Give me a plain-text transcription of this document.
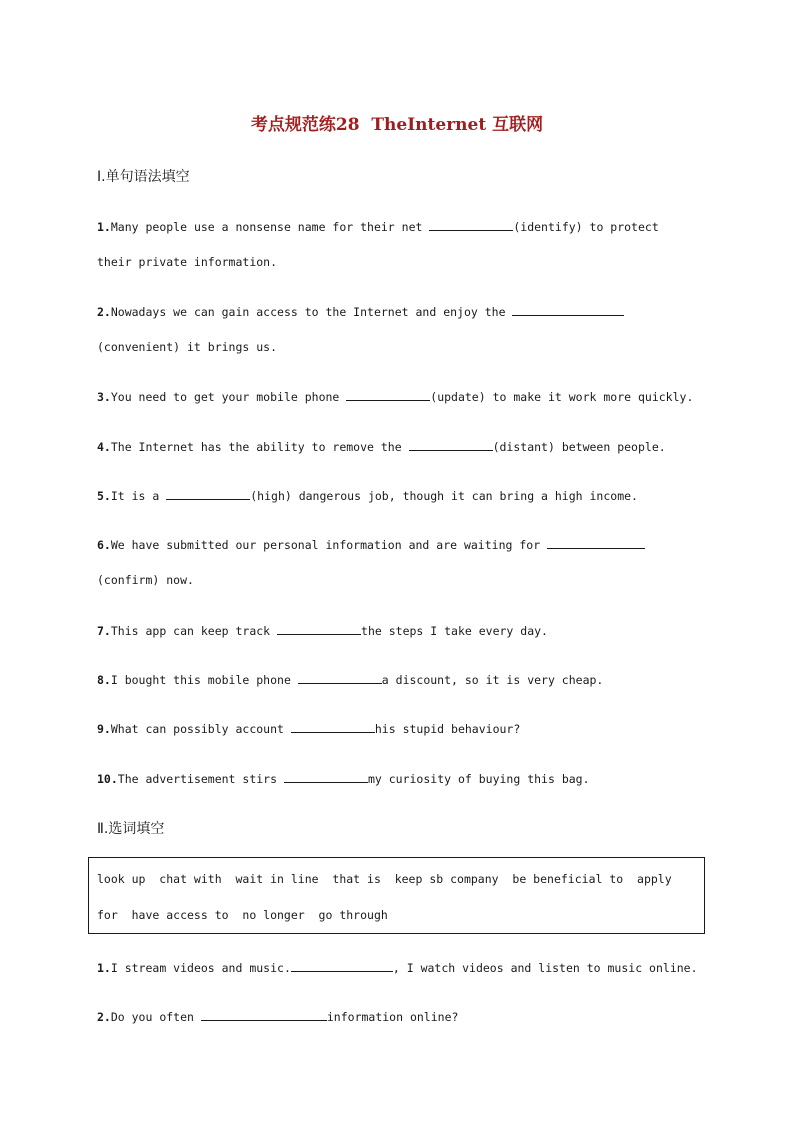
考点规范练28  TheInternet 互联网
Ⅰ.单句语法填空
1.Many people use a nonsense name for their net	(identify) to protect
their private information.
2.Nowadays we can gain access to the Internet and enjoy the
(convenient) it brings us.
3.You need to get your mobile phone	(update) to make it work more quickly.
4.The Internet has the ability to remove the	(distant) between people.
5.It is a	(high) dangerous job, though it can bring a high income.
6.We have submitted our personal information and are waiting for
(confirm) now.
7.This app can keep track	the steps I take every day.
8.I bought this mobile phone	a discount, so it is very cheap.
9.What can possibly account	his stupid behaviour?
10.The advertisement stirs	my curiosity of buying this bag.
Ⅱ.选词填空
look up  chat with  wait in line  that is  keep sb company  be beneficial to  apply
for  have access to  no longer  go through
1.I stream videos and music.	, I watch videos and listen to music online.
2.Do you often	information online?
